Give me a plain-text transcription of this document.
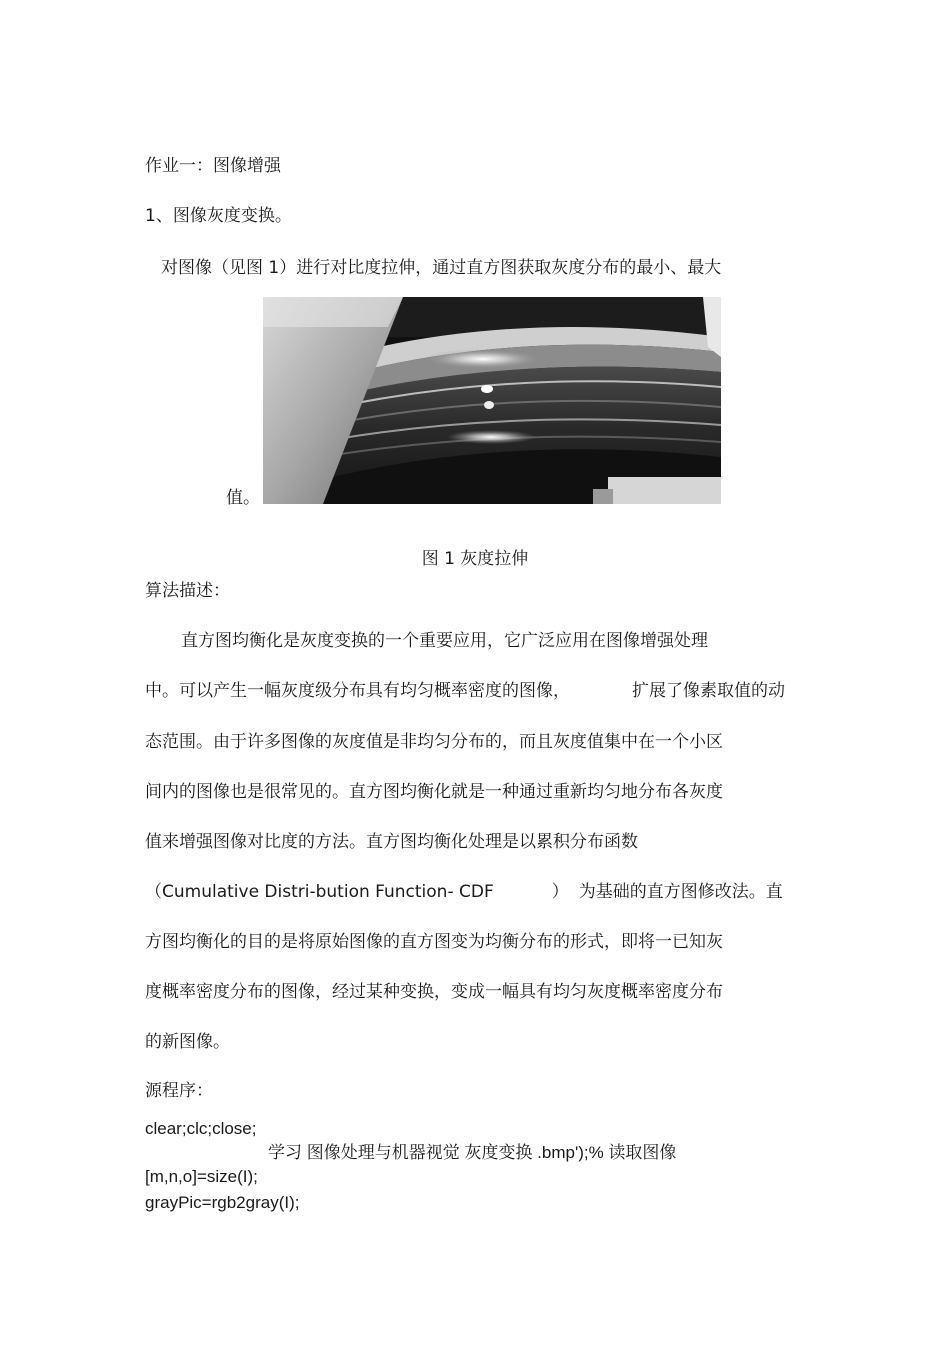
作业一：图像增强

1、图像灰度变换。

对图像（见图 1）进行对比度拉伸，通过直方图获取灰度分布的最小、最大

值。

图 1 灰度拉伸

算法描述：

直方图均衡化是灰度变换的一个重要应用，它广泛应用在图像增强处理

中。可以产生一幅灰度级分布具有均匀概率密度的图像，	扩展了像素取值的动

态范围。由于许多图像的灰度值是非均匀分布的，而且灰度值集中在一个小区

间内的图像也是很常见的。直方图均衡化就是一种通过重新均匀地分布各灰度

值来增强图像对比度的方法。直方图均衡化处理是以累积分布函数

（Cumulative Distri-bution Function- CDF	） 为基础的直方图修改法。直

方图均衡化的目的是将原始图像的直方图变为均衡分布的形式，即将一已知灰

度概率密度分布的图像，经过某种变换，变成一幅具有均匀灰度概率密度分布

的新图像。

源程序：

clear;clc;close;

学习 图像处理与机器视觉 灰度变换 .bmp');% 读取图像

[m,n,o]=size(I);

grayPic=rgb2gray(I);
